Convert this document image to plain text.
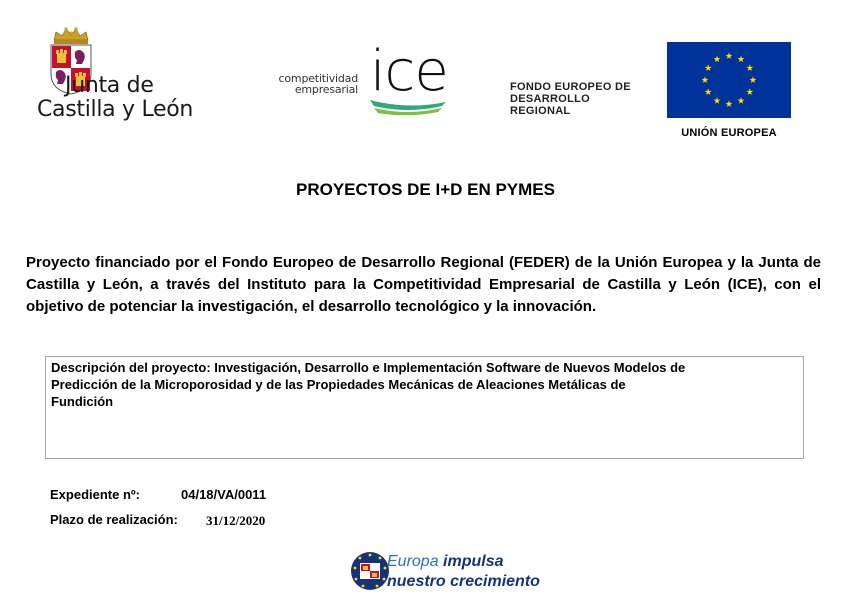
Junta de
Castilla y León
competitividad
empresarial ice	FONDO EUROPEO DE
DESARROLLO
REGIONAL
UNIÓN EUROPEA
PROYECTOS DE I+D EN PYMES
Proyecto financiado por el Fondo Europeo de Desarrollo Regional (FEDER) de la Unión Europea y la Junta de Castilla y León, a través del Instituto para la Competitividad Empresarial de Castilla y León (ICE), con el objetivo de potenciar la investigación, el desarrollo tecnológico y la innovación.
Descripción del proyecto: Investigación, Desarrollo e Implementación Software de Nuevos Modelos de
Predicción de la Microporosidad y de las Propiedades Mecánicas de Aleaciones Metálicas de
Fundición
Expediente nº:	04/18/VA/0011
Plazo de realización: 31/12/2020
Europa impulsa
nuestro crecimiento
